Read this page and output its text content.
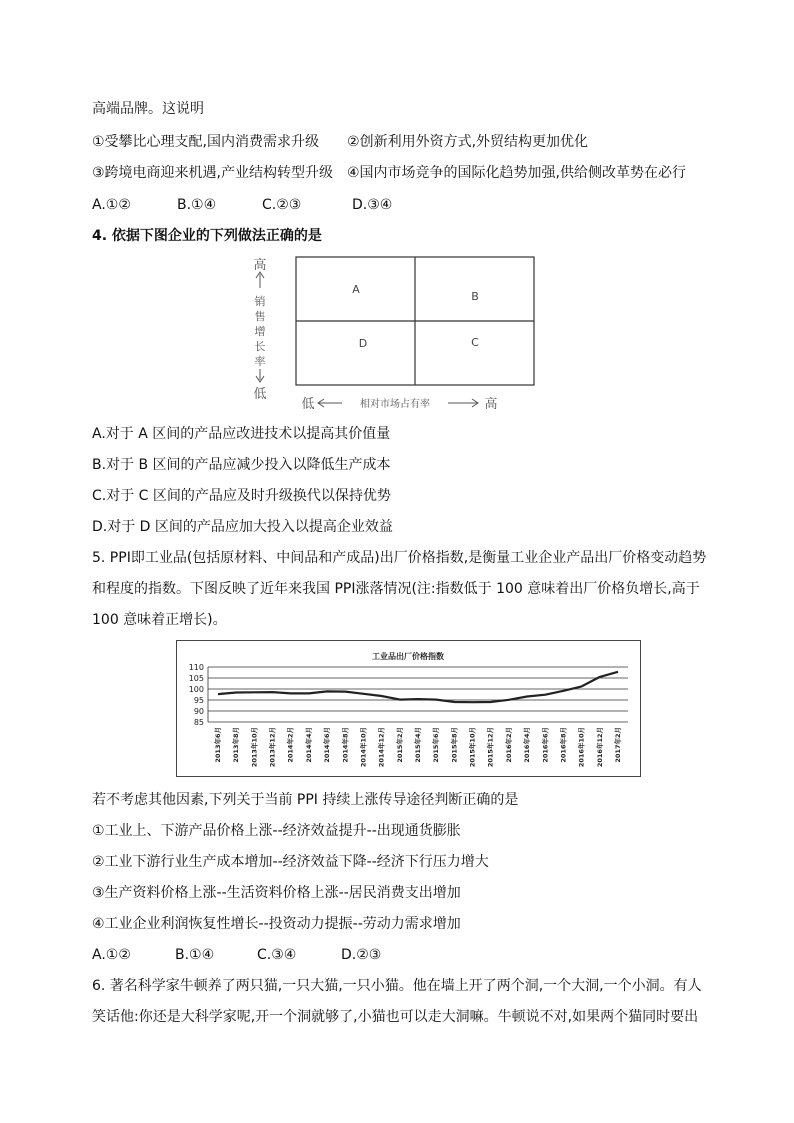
高端品牌。这说明
①受攀比心理支配,国内消费需求升级 ②创新利用外资方式,外贸结构更加优化
③跨境电商迎来机遇,产业结构转型升级 ④国内市场竞争的国际化趋势加强,供给侧改革势在必行
A.①②	B.①④	C.②③	D.③④
4. 依据下图企业的下列做法正确的是
A
B
D	C
高
销
售
增
长
率
低
低	相对市场占有率	高
A.对于 A 区间的产品应改进技术以提高其价值量
B.对于 B 区间的产品应减少投入以降低生产成本
C.对于 C 区间的产品应及时升级换代以保持优势
D.对于 D 区间的产品应加大投入以提高企业效益
5. PPI即工业品(包括原材料、中间品和产成品)出厂价格指数,是衡量工业企业产品出厂价格变动趋势
和程度的指数。下图反映了近年来我国 PPI涨落情况(注:指数低于 100 意味着出厂价格负增长,高于
100 意味着正增长)。
工业品出厂价格指数
110
105
100
95
90
85
2013年6月 2013年8月 2013年10月 2013年12月 2014年2月 2014年4月 2014年6月 2014年8月 2014年10月 2014年12月 2015年2月 2015年4月 2015年6月 2015年8月 2015年10月 2015年12月 2016年2月 2016年4月 2016年6月 2016年8月 2016年10月 2016年12月 2017年2月
若不考虑其他因素,下列关于当前 PPI 持续上涨传导途径判断正确的是
①工业上、下游产品价格上涨--经济效益提升--出现通货膨胀
②工业下游行业生产成本增加--经济效益下降--经济下行压力增大
③生产资料价格上涨--生活资料价格上涨--居民消费支出增加
④工业企业利润恢复性增长--投资动力提振--劳动力需求增加
A.①②	B.①④	C.③④	D.②③
6. 著名科学家牛顿养了两只猫,一只大猫,一只小猫。他在墙上开了两个洞,一个大洞,一个小洞。有人
笑话他:你还是大科学家呢,开一个洞就够了,小猫也可以走大洞嘛。牛顿说不对,如果两个猫同时要出
